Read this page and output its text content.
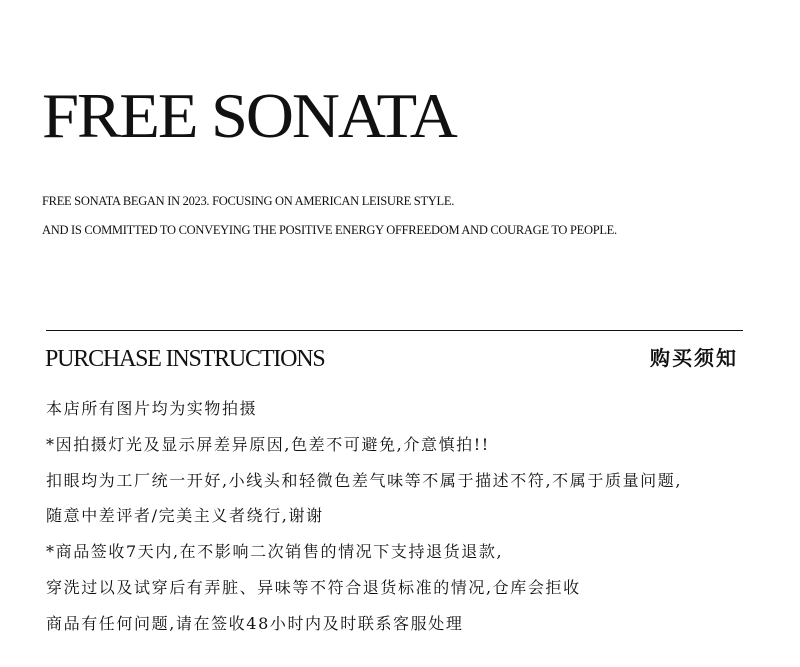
FREE SONATA
FREE SONATA BEGAN IN 2023. FOCUSING ON AMERICAN LEISURE STYLE.
AND IS COMMITTED TO CONVEYING THE POSITIVE ENERGY OFFREEDOM AND COURAGE TO PEOPLE.
PURCHASE INSTRUCTIONS	购买须知
本店所有图片均为实物拍摄
*因拍摄灯光及显示屏差异原因,色差不可避免,介意慎拍!!
扣眼均为工厂统一开好,小线头和轻微色差气味等不属于描述不符,不属于质量问题,
随意中差评者/完美主义者绕行,谢谢
*商品签收7天内,在不影响二次销售的情况下支持退货退款,
穿洗过以及试穿后有弄脏、异味等不符合退货标准的情况,仓库会拒收
商品有任何问题,请在签收48小时内及时联系客服处理
